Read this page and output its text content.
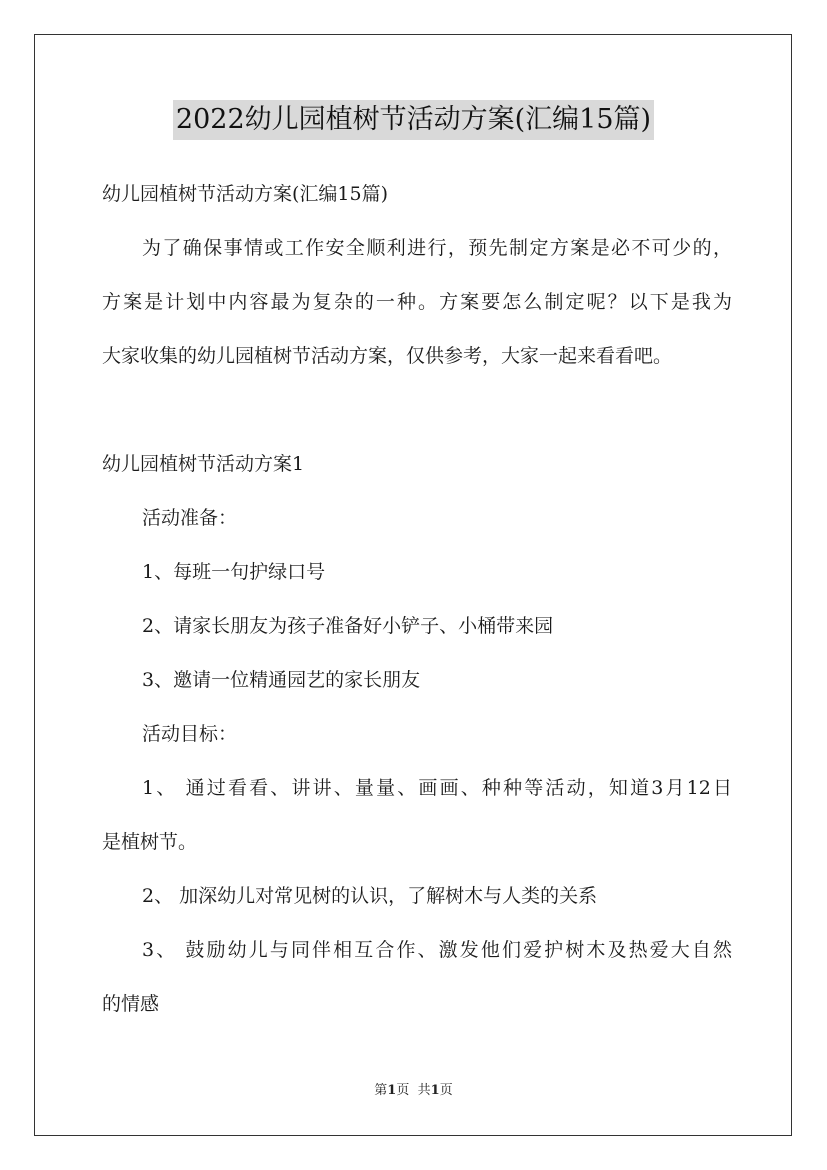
2022幼儿园植树节活动方案(汇编15篇)
幼儿园植树节活动方案(汇编15篇)
为了确保事情或工作安全顺利进行，预先制定方案是必不可少的，
方案是计划中内容最为复杂的一种。方案要怎么制定呢？以下是我为
大家收集的幼儿园植树节活动方案，仅供参考，大家一起来看看吧。
幼儿园植树节活动方案1
活动准备：
1、每班一句护绿口号
2、请家长朋友为孩子准备好小铲子、小桶带来园
3、邀请一位精通园艺的家长朋友
活动目标：
1、 通过看看、讲讲、量量、画画、种种等活动，知道3月12日
是植树节。
2、 加深幼儿对常见树的认识，了解树木与人类的关系
3、 鼓励幼儿与同伴相互合作、激发他们爱护树木及热爱大自然
的情感
第1页 共1页
